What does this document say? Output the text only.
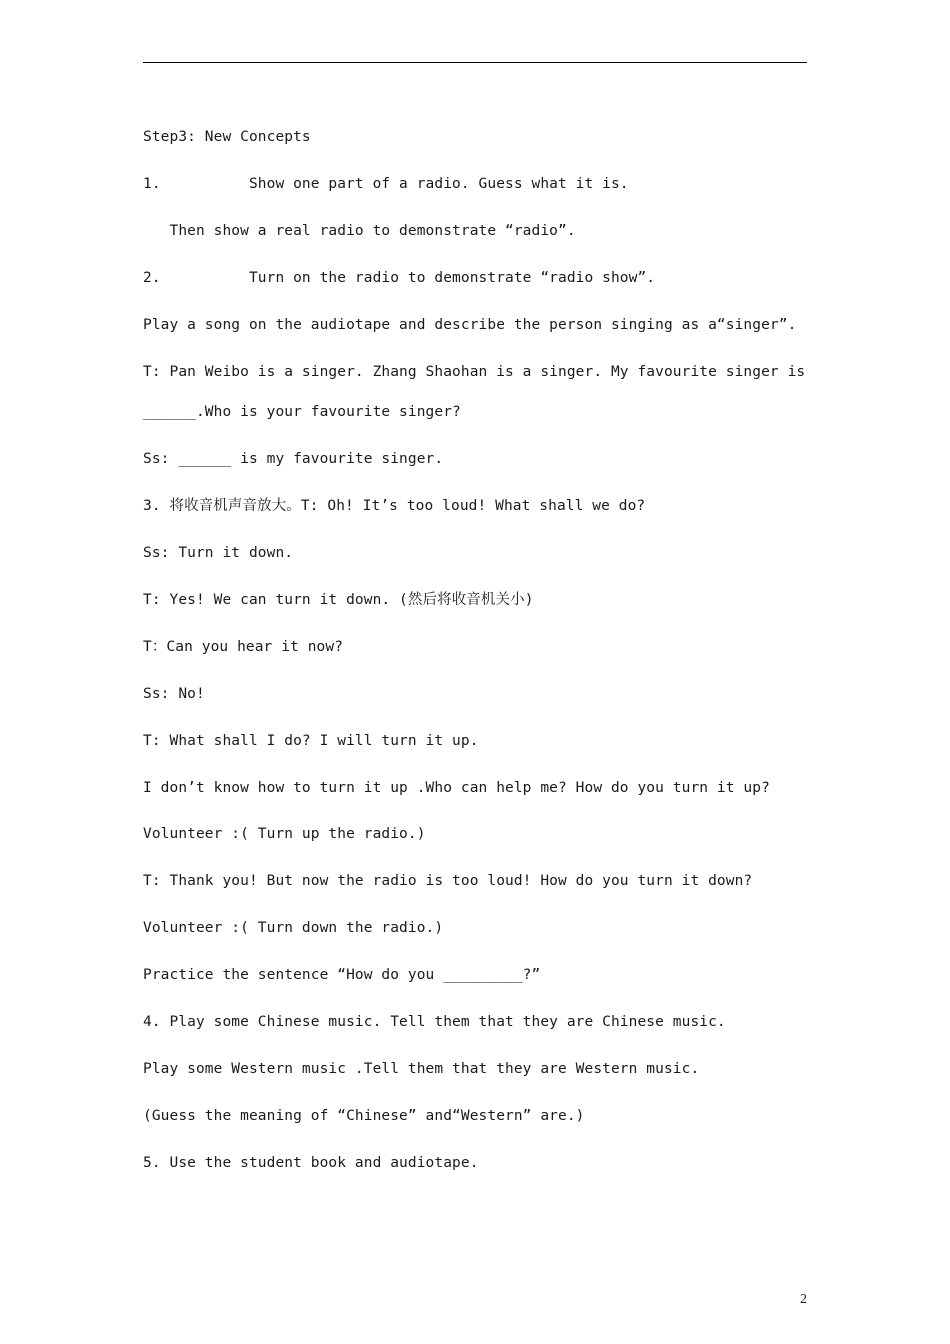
Step3: New Concepts
1.          Show one part of a radio. Guess what it is.
Then show a real radio to demonstrate “radio”.
2.          Turn on the radio to demonstrate “radio show”.
Play a song on the audiotape and describe the person singing as a“singer”.
T: Pan Weibo is a singer. Zhang Shaohan is a singer. My favourite singer is
______.Who is your favourite singer?
Ss: ______ is my favourite singer.
3. 将收音机声音放大。T: Oh! It’s too loud! What shall we do?
Ss: Turn it down.
T: Yes! We can turn it down. (然后将收音机关小)
T：Can you hear it now?
Ss: No!
T: What shall I do? I will turn it up.
I don’t know how to turn it up .Who can help me? How do you turn it up?
Volunteer :( Turn up the radio.)
T: Thank you! But now the radio is too loud! How do you turn it down?
Volunteer :( Turn down the radio.)
Practice the sentence “How do you _________?”
4. Play some Chinese music. Tell them that they are Chinese music.
Play some Western music .Tell them that they are Western music.
(Guess the meaning of “Chinese” and“Western” are.)
5. Use the student book and audiotape.
2
